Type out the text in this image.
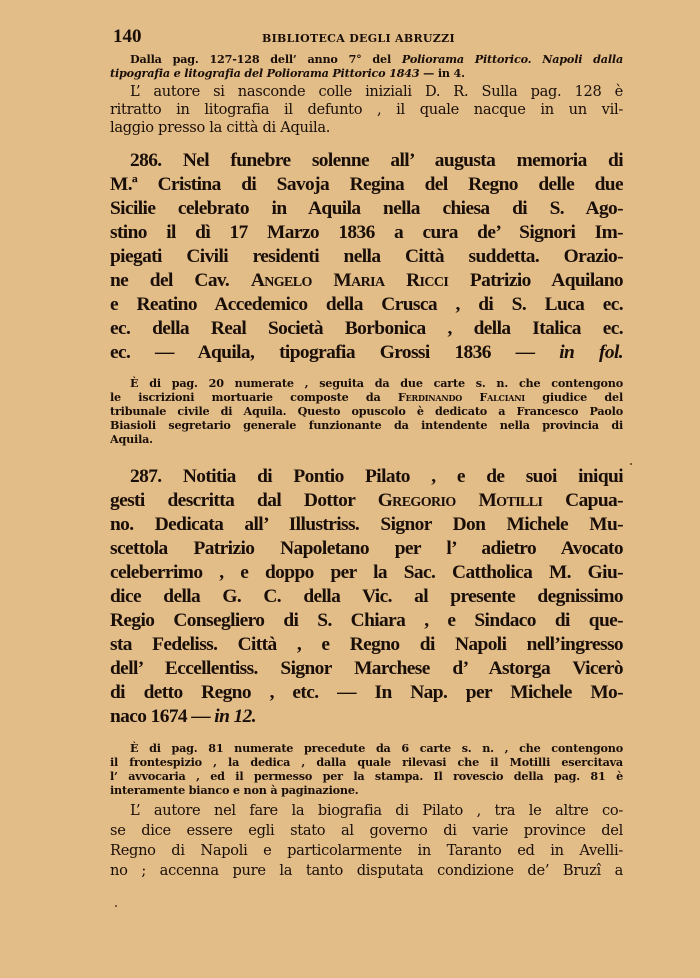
140	BIBLIOTECA DEGLI ABRUZZI
Dalla pag. 127-128 dell’ anno 7° del Poliorama Pittorico. Napoli dalla
tipografia e litografia del Poliorama Pittorico 1843 — in 4.
L’ autore si nasconde colle iniziali D. R. Sulla pag. 128 è
ritratto in litografia il defunto , il quale nacque in un vil-
laggio presso la città di Aquila.
286. Nel funebre solenne all’ augusta memoria di
M.ª Cristina di Savoja Regina del Regno delle due
Sicilie celebrato in Aquila nella chiesa di S. Ago-
stino il dì 17 Marzo 1836 a cura de’ Signori Im-
piegati Civili residenti nella Città suddetta. Orazio-
ne del Cav. Angelo Maria Ricci Patrizio Aquilano
e Reatino Accedemico della Crusca , di S. Luca ec.
ec. della Real Società Borbonica , della Italica ec.
ec. — Aquila, tipografia Grossi 1836 — in fol.
È di pag. 20 numerate , seguita da due carte s. n. che contengono
le iscrizioni mortuarie composte da Ferdinando Falciani giudice del
tribunale civile di Aquila. Questo opuscolo è dedicato a Francesco Paolo
Biasioli segretario generale funzionante da intendente nella provincia di
Aquila.
287. Notitia di Pontio Pilato , e de suoi iniqui
gesti descritta dal Dottor Gregorio Motilli Capua-
no. Dedicata all’ Illustriss. Signor Don Michele Mu-
scettola Patrizio Napoletano per l’ adietro Avocato
celeberrimo , e doppo per la Sac. Cattholica M. Giu-
dice della G. C. della Vic. al presente degnissimo
Regio Consegliero di S. Chiara , e Sindaco di que-
sta Fedeliss. Città , e Regno di Napoli nell’ingresso
dell’ Eccellentiss. Signor Marchese d’ Astorga Vicerò
di detto Regno , etc. — In Nap. per Michele Mo-
naco 1674 — in 12.
È di pag. 81 numerate precedute da 6 carte s. n. , che contengono
il frontespizio , la dedica , dalla quale rilevasi che il Motilli esercitava
l’ avvocaria , ed il permesso per la stampa. Il rovescio della pag. 81 è
interamente bianco e non à paginazione.
L’ autore nel fare la biografia di Pilato , tra le altre co-
se dice essere egli stato al governo di varie province del
Regno di Napoli e particolarmente in Taranto ed in Avelli-
no ; accenna pure la tanto disputata condizione de’ Bruzî a
